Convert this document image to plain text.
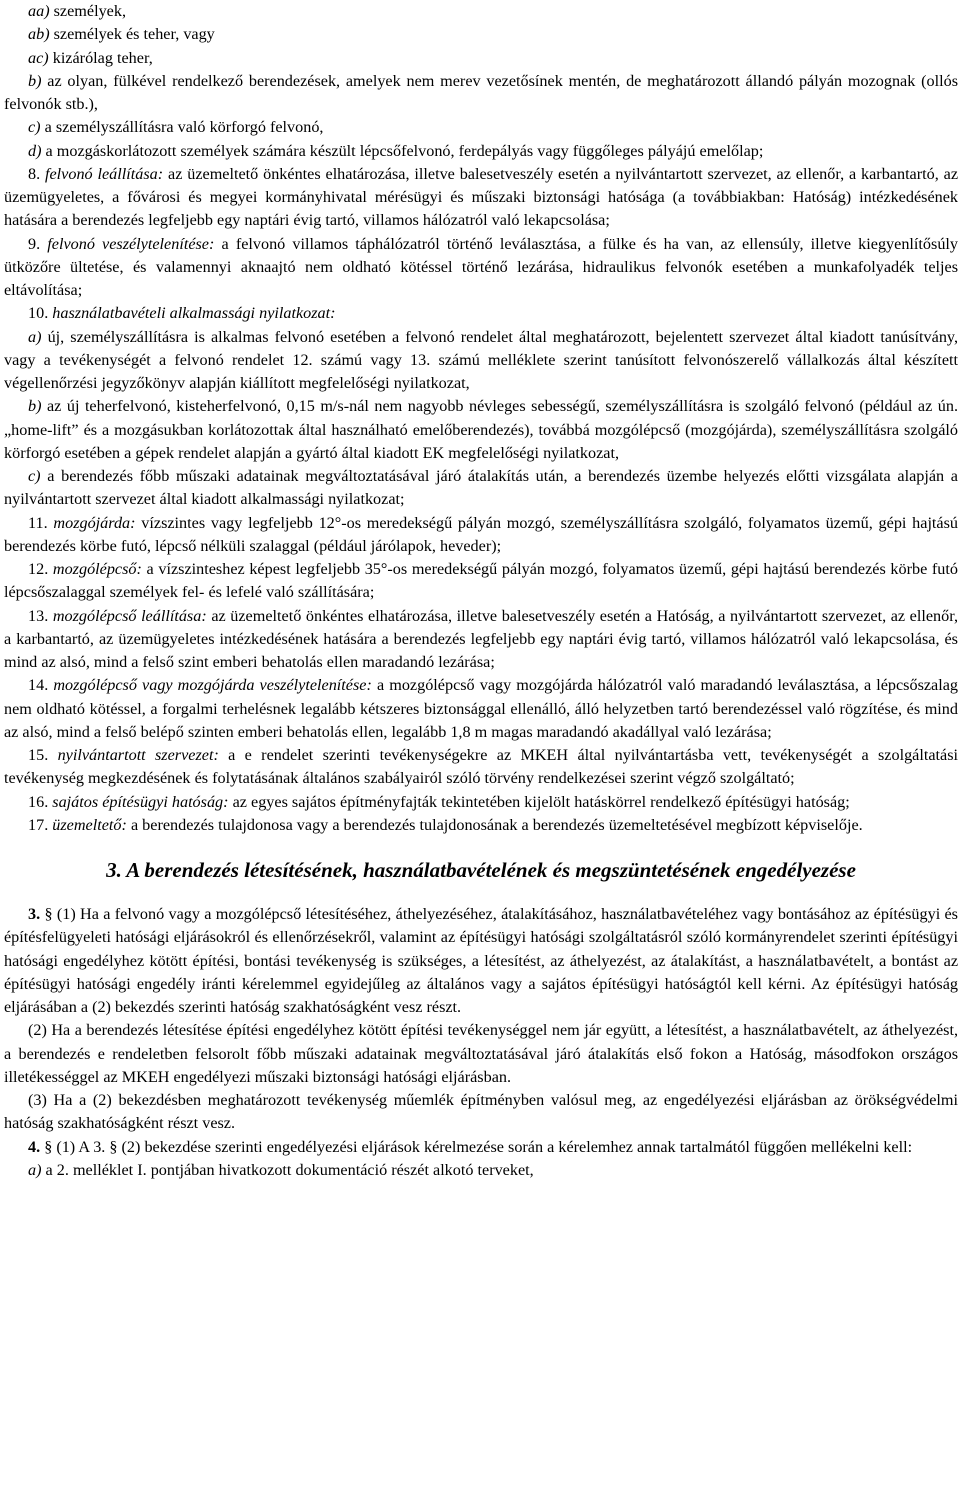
aa) személyek,

ab) személyek és teher, vagy

ac) kizárólag teher,

b) az olyan, fülkével rendelkező berendezések, amelyek nem merev vezetősínek mentén, de meghatározott állandó pályán mozognak (ollós felvonók stb.),

c) a személyszállításra való körforgó felvonó,

d) a mozgáskorlátozott személyek számára készült lépcsőfelvonó, ferdepályás vagy függőleges pályájú emelőlap;

8. felvonó leállítása: az üzemeltető önkéntes elhatározása, illetve balesetveszély esetén a nyilvántartott szervezet, az ellenőr, a karbantartó, az üzemügyeletes, a fővárosi és megyei kormányhivatal mérésügyi és műszaki biztonsági hatósága (a továbbiakban: Hatóság) intézkedésének hatására a berendezés legfeljebb egy naptári évig tartó, villamos hálózatról való lekapcsolása;

9. felvonó veszélytelenítése: a felvonó villamos táphálózatról történő leválasztása, a fülke és ha van, az ellensúly, illetve kiegyenlítősúly ütközőre ültetése, és valamennyi aknaajtó nem oldható kötéssel történő lezárása, hidraulikus felvonók esetében a munkafolyadék teljes eltávolítása;

10. használatbavételi alkalmassági nyilatkozat:

a) új, személyszállításra is alkalmas felvonó esetében a felvonó rendelet által meghatározott, bejelentett szervezet által kiadott tanúsítvány, vagy a tevékenységét a felvonó rendelet 12. számú vagy 13. számú melléklete szerint tanúsított felvonószerelő vállalkozás által készített végellenőrzési jegyzőkönyv alapján kiállított megfelelőségi nyilatkozat,

b) az új teherfelvonó, kisteherfelvonó, 0,15 m/s-nál nem nagyobb névleges sebességű, személyszállításra is szolgáló felvonó (például az ún. „home-lift” és a mozgásukban korlátozottak által használható emelőberendezés), továbbá mozgólépcső (mozgójárda), személyszállításra szolgáló körforgó esetében a gépek rendelet alapján a gyártó által kiadott EK megfelelőségi nyilatkozat,

c) a berendezés főbb műszaki adatainak megváltoztatásával járó átalakítás után, a berendezés üzembe helyezés előtti vizsgálata alapján a nyilvántartott szervezet által kiadott alkalmassági nyilatkozat;

11. mozgójárda: vízszintes vagy legfeljebb 12°-os meredekségű pályán mozgó, személyszállításra szolgáló, folyamatos üzemű, gépi hajtású berendezés körbe futó, lépcső nélküli szalaggal (például járólapok, heveder);

12. mozgólépcső: a vízszinteshez képest legfeljebb 35°-os meredekségű pályán mozgó, folyamatos üzemű, gépi hajtású berendezés körbe futó lépcsőszalaggal személyek fel- és lefelé való szállítására;

13. mozgólépcső leállítása: az üzemeltető önkéntes elhatározása, illetve balesetveszély esetén a Hatóság, a nyilvántartott szervezet, az ellenőr, a karbantartó, az üzemügyeletes intézkedésének hatására a berendezés legfeljebb egy naptári évig tartó, villamos hálózatról való lekapcsolása, és mind az alsó, mind a felső szint emberi behatolás ellen maradandó lezárása;

14. mozgólépcső vagy mozgójárda veszélytelenítése: a mozgólépcső vagy mozgójárda hálózatról való maradandó leválasztása, a lépcsőszalag nem oldható kötéssel, a forgalmi terhelésnek legalább kétszeres biztonsággal ellenálló, álló helyzetben tartó berendezéssel való rögzítése, és mind az alsó, mind a felső belépő szinten emberi behatolás ellen, legalább 1,8 m magas maradandó akadállyal való lezárása;

15. nyilvántartott szervezet: a e rendelet szerinti tevékenységekre az MKEH által nyilvántartásba vett, tevékenységét a szolgáltatási tevékenység megkezdésének és folytatásának általános szabályairól szóló törvény rendelkezései szerint végző szolgáltató;

16. sajátos építésügyi hatóság: az egyes sajátos építményfajták tekintetében kijelölt hatáskörrel rendelkező építésügyi hatóság;

17. üzemeltető: a berendezés tulajdonosa vagy a berendezés tulajdonosának a berendezés üzemeltetésével megbízott képviselője.

3. A berendezés létesítésének, használatbavételének és megszüntetésének engedélyezése

3. § (1) Ha a felvonó vagy a mozgólépcső létesítéséhez, áthelyezéséhez, átalakításához, használatbavételéhez vagy bontásához az építésügyi és építésfelügyeleti hatósági eljárásokról és ellenőrzésekről, valamint az építésügyi hatósági szolgáltatásról szóló kormányrendelet szerinti építésügyi hatósági engedélyhez kötött építési, bontási tevékenység is szükséges, a létesítést, az áthelyezést, az átalakítást, a használatbavételt, a bontást az építésügyi hatósági engedély iránti kérelemmel egyidejűleg az általános vagy a sajátos építésügyi hatóságtól kell kérni. Az építésügyi hatóság eljárásában a (2) bekezdés szerinti hatóság szakhatóságként vesz részt.

(2) Ha a berendezés létesítése építési engedélyhez kötött építési tevékenységgel nem jár együtt, a létesítést, a használatbavételt, az áthelyezést, a berendezés e rendeletben felsorolt főbb műszaki adatainak megváltoztatásával járó átalakítás első fokon a Hatóság, másodfokon országos illetékességgel az MKEH engedélyezi műszaki biztonsági hatósági eljárásban.

(3) Ha a (2) bekezdésben meghatározott tevékenység műemlék építményben valósul meg, az engedélyezési eljárásban az örökségvédelmi hatóság szakhatóságként részt vesz.

4. § (1) A 3. § (2) bekezdése szerinti engedélyezési eljárások kérelmezése során a kérelemhez annak tartalmától függően mellékelni kell:

a) a 2. melléklet I. pontjában hivatkozott dokumentáció részét alkotó terveket,
